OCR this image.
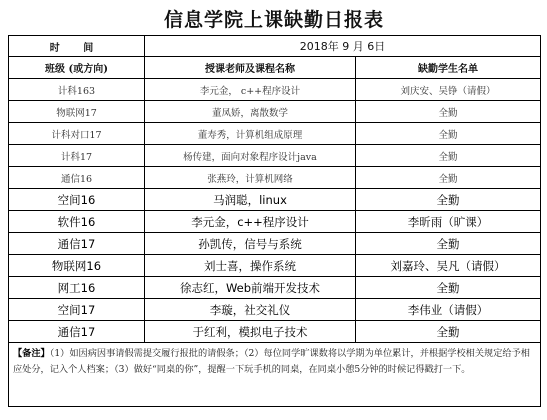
信息学院上课缺勤日报表
时 间	2018年 9 月 6日	
班级 (或方向)	授课老师及课程名称	缺勤学生名单
计科163	李元金， c++程序设计	刘庆安、吴铮（请假）
物联网17	董凤娇，离散数学	全勤
计科对口17	董寿秀，计算机组成原理	全勤
计科17	杨传建，面向对象程序设计java	全勤
通信16	张燕玲，计算机网络	全勤
空间16	马润聪，linux	全勤
软件16	李元金，c++程序设计	李昕雨（旷课）
通信17	孙凯传，信号与系统	全勤
物联网16	刘士喜，操作系统	刘嘉玲、吴凡（请假）
网工16	徐志红，Web前端开发技术	全勤
空间17	李璇，社交礼仪	李伟业（请假）
通信17	于红利，模拟电子技术	全勤
【备注】（1）如因病因事请假需提交履行报批的请假条；（2）每位同学旷课数将以学期为单位累计，并根据学校相关规定给予相应处分，记入个人档案；（3）做好“同桌的你”，提醒一下玩手机的同桌，在同桌小憩5分钟的时候记得戳打一下。		
